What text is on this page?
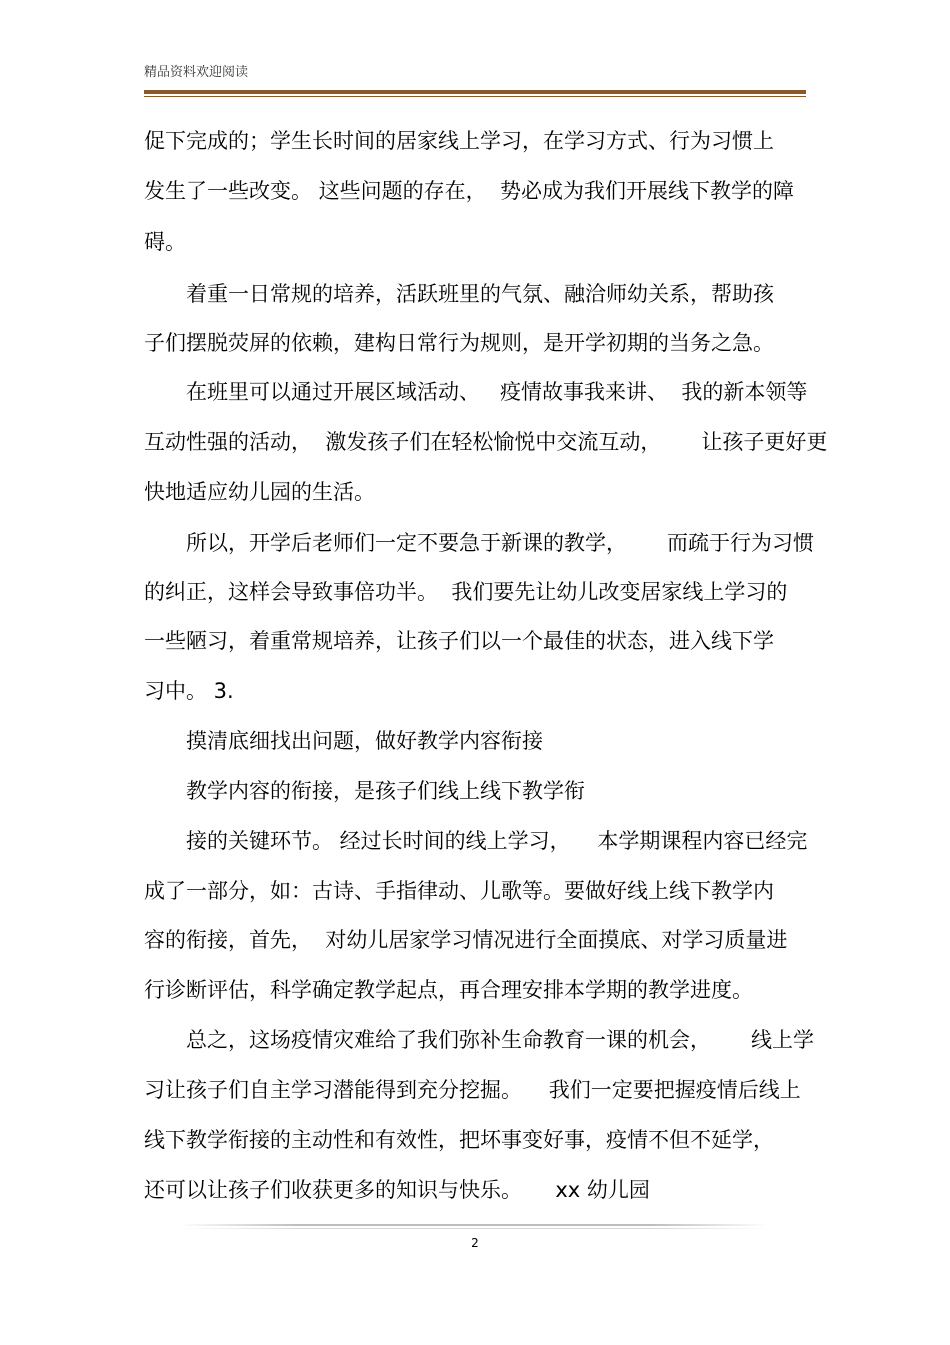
精品资料欢迎阅读
促下完成的；学生长时间的居家线上学习，在学习方式、行为习惯上
发生了一些改变。 这些问题的存在，  势必成为我们开展线下教学的障
碍。
着重一日常规的培养，活跃班里的气氛、融洽师幼关系，帮助孩
子们摆脱荧屏的依赖，建构日常行为规则，是开学初期的当务之急。
在班里可以通过开展区域活动、   疫情故事我来讲、  我的新本领等
互动性强的活动，  激发孩子们在轻松愉悦中交流互动，      让孩子更好更
快地适应幼儿园的生活。
所以，开学后老师们一定不要急于新课的教学，      而疏于行为习惯
的纠正，这样会导致事倍功半。  我们要先让幼儿改变居家线上学习的
一些陋习，着重常规培养，让孩子们以一个最佳的状态，进入线下学
习中。 3.
摸清底细找出问题，做好教学内容衔接
教学内容的衔接，是孩子们线上线下教学衔
接的关键环节。 经过长时间的线上学习，    本学期课程内容已经完
成了一部分，如：古诗、手指律动、儿歌等。要做好线上线下教学内
容的衔接，首先，  对幼儿居家学习情况进行全面摸底、对学习质量进
行诊断评估，科学确定教学起点，再合理安排本学期的教学进度。
总之，这场疫情灾难给了我们弥补生命教育一课的机会，      线上学
习让孩子们自主学习潜能得到充分挖掘。    我们一定要把握疫情后线上
线下教学衔接的主动性和有效性，把坏事变好事，疫情不但不延学，
还可以让孩子们收获更多的知识与快乐。     xx 幼儿园
2
